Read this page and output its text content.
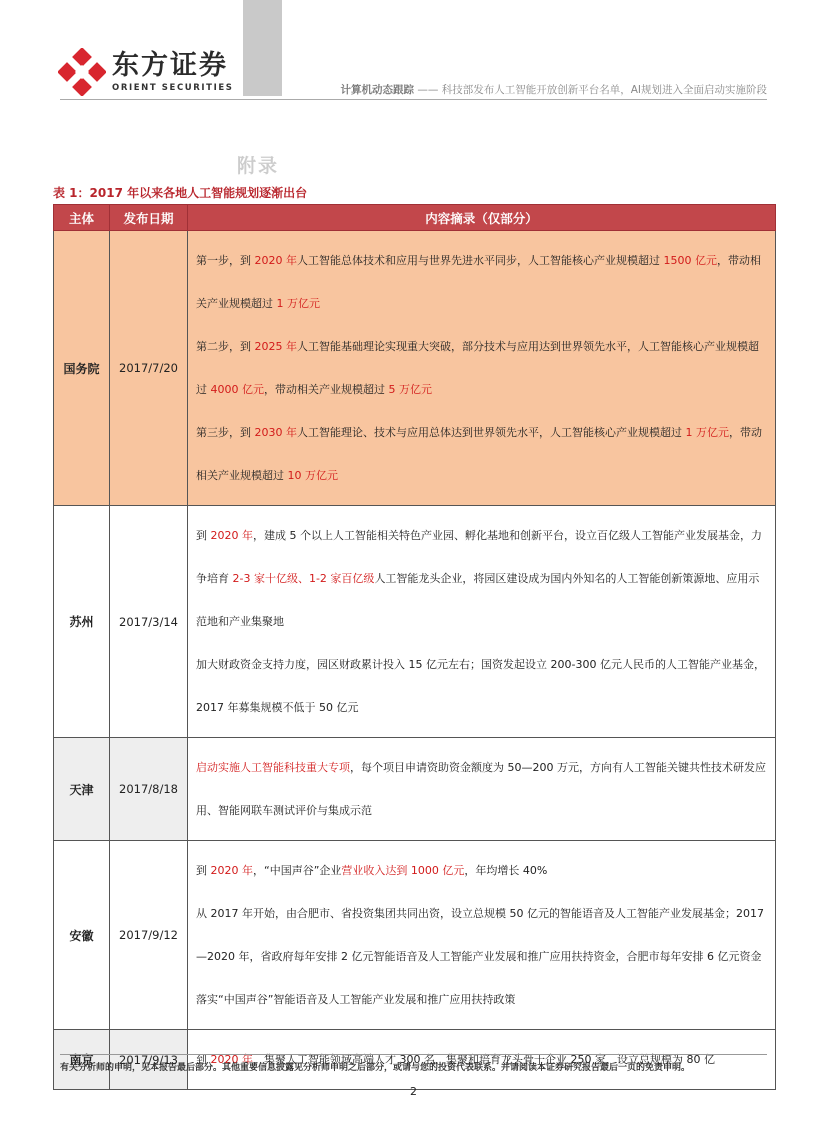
东方证券
ORIENT SECURITIES	计算机动态跟踪 —— 科技部发布人工智能开放创新平台名单，AI规划进入全面启动实施阶段
附录
表 1：2017 年以来各地人工智能规划逐渐出台
主体	发布日期	内容摘录（仅部分）
国务院	2017/7/20	第一步，到 2020 年人工智能总体技术和应用与世界先进水平同步，人工智能核心产业规模超过 1500 亿元，带动相关产业规模超过 1 万亿元

第二步，到 2025 年人工智能基础理论实现重大突破，部分技术与应用达到世界领先水平，人工智能核心产业规模超过 4000 亿元，带动相关产业规模超过 5 万亿元

第三步，到 2030 年人工智能理论、技术与应用总体达到世界领先水平，人工智能核心产业规模超过 1 万亿元，带动相关产业规模超过 10 万亿元

苏州	2017/3/14	到 2020 年，建成 5 个以上人工智能相关特色产业园、孵化基地和创新平台，设立百亿级人工智能产业发展基金，力争培育 2-3 家十亿级、1-2 家百亿级人工智能龙头企业，将园区建设成为国内外知名的人工智能创新策源地、应用示范地和产业集聚地

加大财政资金支持力度，园区财政累计投入 15 亿元左右；国资发起设立 200-300 亿元人民币的人工智能产业基金，2017 年募集规模不低于 50 亿元

天津	2017/8/18	启动实施人工智能科技重大专项，每个项目申请资助资金额度为 50—200 万元，方向有人工智能关键共性技术研发应用、智能网联车测试评价与集成示范

安徽	2017/9/12	到 2020 年，“中国声谷”企业营业收入达到 1000 亿元，年均增长 40%

从 2017 年开始，由合肥市、省投资集团共同出资，设立总规模 50 亿元的智能语音及人工智能产业发展基金；2017—2020 年，省政府每年安排 2 亿元智能语音及人工智能产业发展和推广应用扶持资金，合肥市每年安排 6 亿元资金落实“中国声谷”智能语音及人工智能产业发展和推广应用扶持政策

南京	2017/9/13	到 2020 年，集聚人工智能领域高端人才 300 名，集聚和培育龙头骨干企业 250 家，设立总规模为 80 亿

有关分析师的申明，见本报告最后部分。其他重要信息披露见分析师申明之后部分，或请与您的投资代表联系。并请阅读本证券研究报告最后一页的免责申明。
2
